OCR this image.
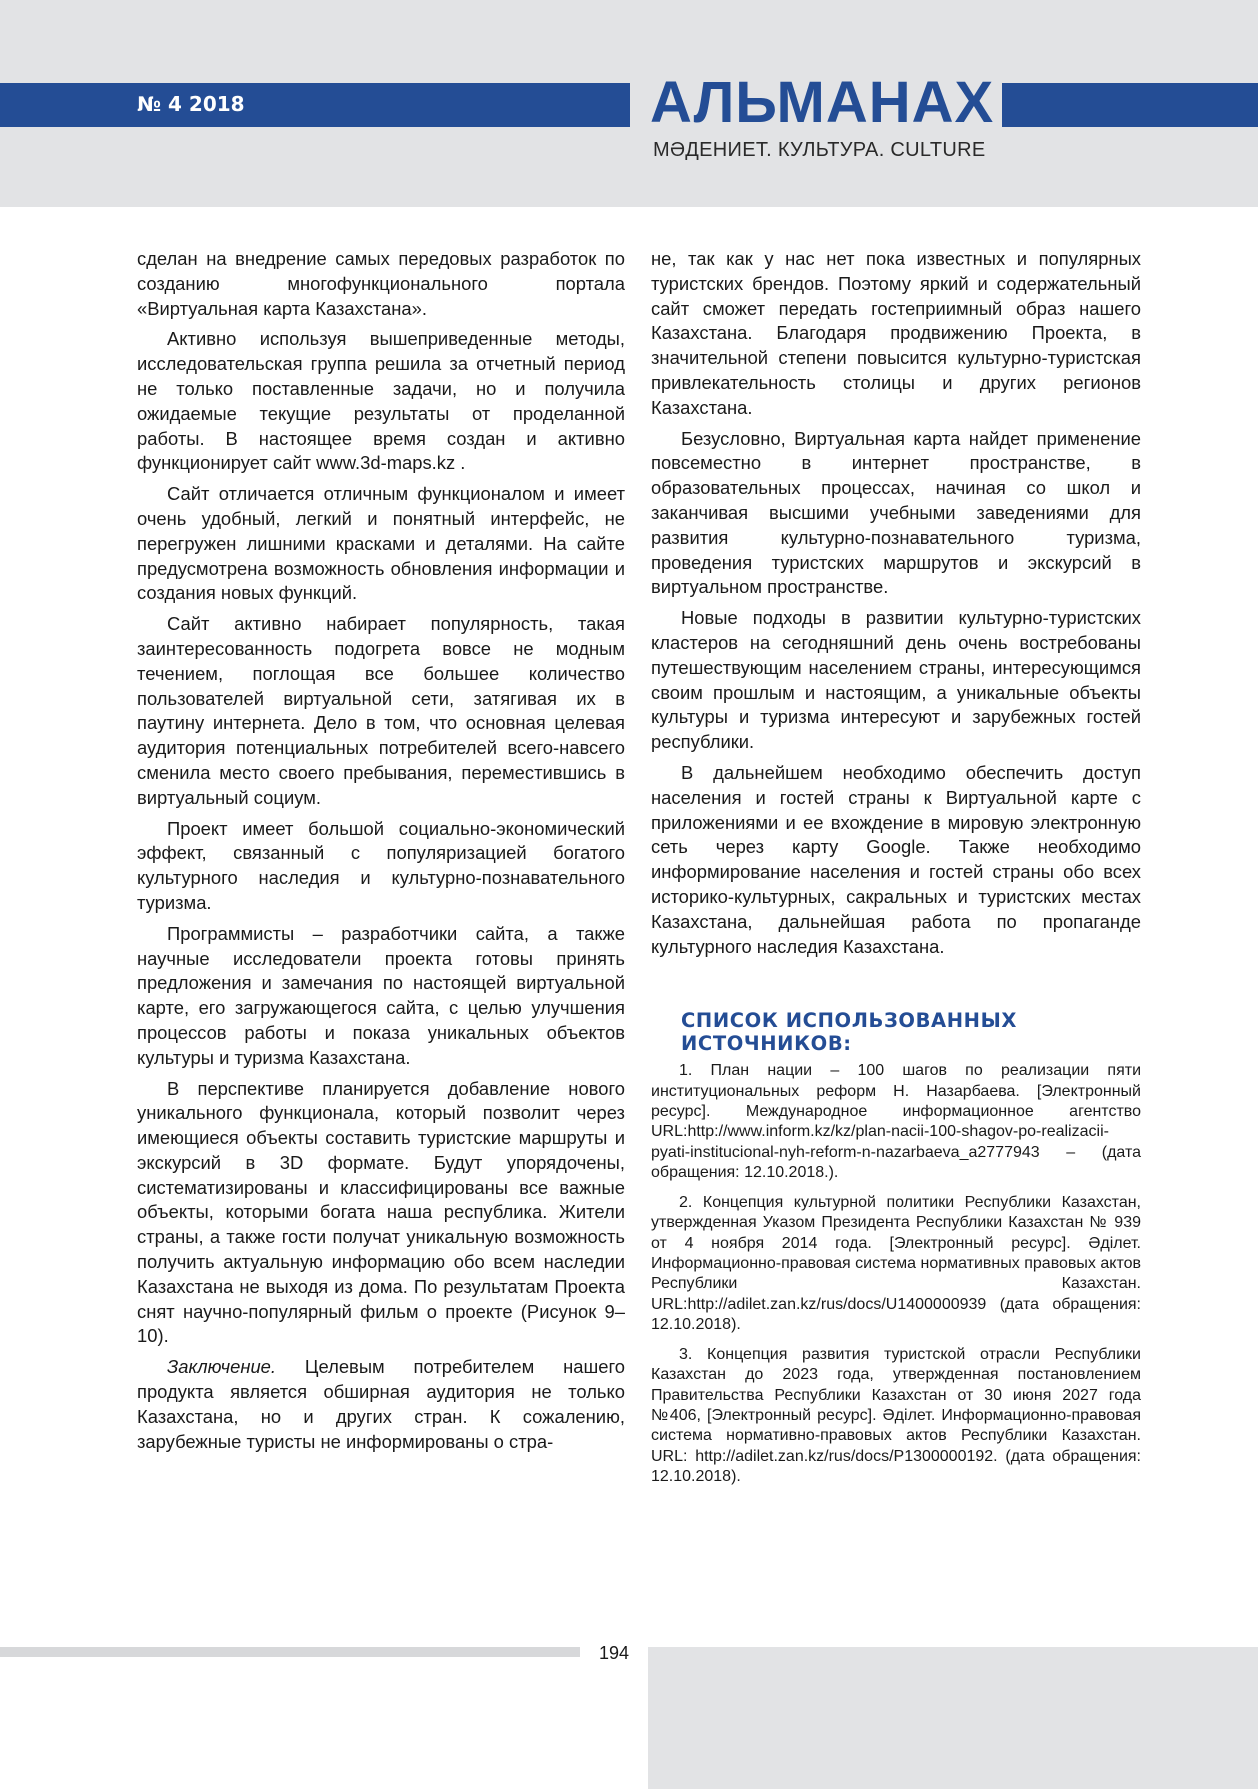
№ 4 2018	АЛЬМАНАХ
МӘДЕНИЕТ. КУЛЬТУРА. CULTURE

сделан на внедрение самых передовых разработок по созданию многофункционального портала «Виртуальная карта Казахстана».

Активно используя вышеприведенные методы, исследовательская группа решила за отчетный период не только поставленные задачи, но и получила ожидаемые текущие результаты от проделанной работы. В настоящее время создан и активно функционирует сайт www.3d-maps.kz .

Сайт отличается отличным функционалом и имеет очень удобный, легкий и понятный интерфейс, не перегружен лишними красками и деталями. На сайте предусмотрена возможность обновления информации и создания новых функций.

Сайт активно набирает популярность, такая заинтересованность подогрета вовсе не модным течением, поглощая все большее количество пользователей виртуальной сети, затягивая их в паутину интернета. Дело в том, что основная целевая аудитория потенциальных потребителей всего-навсего сменила место своего пребывания, переместившись в виртуальный социум.

Проект имеет большой социально-экономический эффект, связанный с популяризацией богатого культурного наследия и культурно-познавательного туризма.

Программисты – разработчики сайта, а также научные исследователи проекта готовы принять предложения и замечания по настоящей виртуальной карте, его загружающегося сайта, с целью улучшения процессов работы и показа уникальных объектов культуры и туризма Казахстана.

В перспективе планируется добавление нового уникального функционала, который позволит через имеющиеся объекты составить туристские маршруты и экскурсий в 3D формате. Будут упорядочены, систематизированы и классифицированы все важные объекты, которыми богата наша республика. Жители страны, а также гости получат уникальную возможность получить актуальную информацию обо всем наследии Казахстана не выходя из дома. По результатам Проекта снят научно-популярный фильм о проекте (Рисунок 9–10).

Заключение. Целевым потребителем нашего продукта является обширная аудитория не только Казахстана, но и других стран. К сожалению, зарубежные туристы не информированы о стра-

не, так как у нас нет пока известных и популярных туристских брендов. Поэтому яркий и содержательный сайт сможет передать гостеприимный образ нашего Казахстана. Благодаря продвижению Проекта, в значительной степени повысится культурно-туристская привлекательность столицы и других регионов Казахстана.

Безусловно, Виртуальная карта найдет применение повсеместно в интернет пространстве, в образовательных процессах, начиная со школ и заканчивая высшими учебными заведениями для развития культурно-познавательного туризма, проведения туристских маршрутов и экскурсий в виртуальном пространстве.

Новые подходы в развитии культурно-туристских кластеров на сегодняшний день очень востребованы путешествующим населением страны, интересующимся своим прошлым и настоящим, а уникальные объекты культуры и туризма интересуют и зарубежных гостей республики.

В дальнейшем необходимо обеспечить доступ населения и гостей страны к Виртуальной карте с приложениями и ее вхождение в мировую электронную сеть через карту Google. Также необходимо информирование населения и гостей страны обо всех историко-культурных, сакральных и туристских местах Казахстана, дальнейшая работа по пропаганде культурного наследия Казахстана.

СПИСОК ИСПОЛЬЗОВАННЫХ
ИСТОЧНИКОВ:
1. План нации – 100 шагов по реализации пяти институциональных реформ Н. Назарбаева. [Электронный ресурс]. Международное информационное агентство URL:http://www.inform.kz/kz/plan-nacii-100-shagov-po-realizacii-pyati-institucional-nyh-reform-n-nazarbaeva_a2777943 – (дата обращения: 12.10.2018.).
2. Концепция культурной политики Республики Казахстан, утвержденная Указом Президента Республики Казахстан № 939 от 4 ноября 2014 года. [Электронный ресурс]. Әділет. Информационно-правовая система нормативных правовых актов Республики Казахстан. URL:http://adilet.zan.kz/rus/docs/U1400000939 (дата обращения: 12.10.2018).
3. Концепция развития туристской отрасли Республики Казахстан до 2023 года, утвержденная постановлением Правительства Республики Казахстан от 30 июня 2027 года №406, [Электронный ресурс]. Әділет. Информационно-правовая система нормативно-правовых актов Республики Казахстан. URL: http://adilet.zan.kz/rus/docs/P1300000192. (дата обращения: 12.10.2018).
194
